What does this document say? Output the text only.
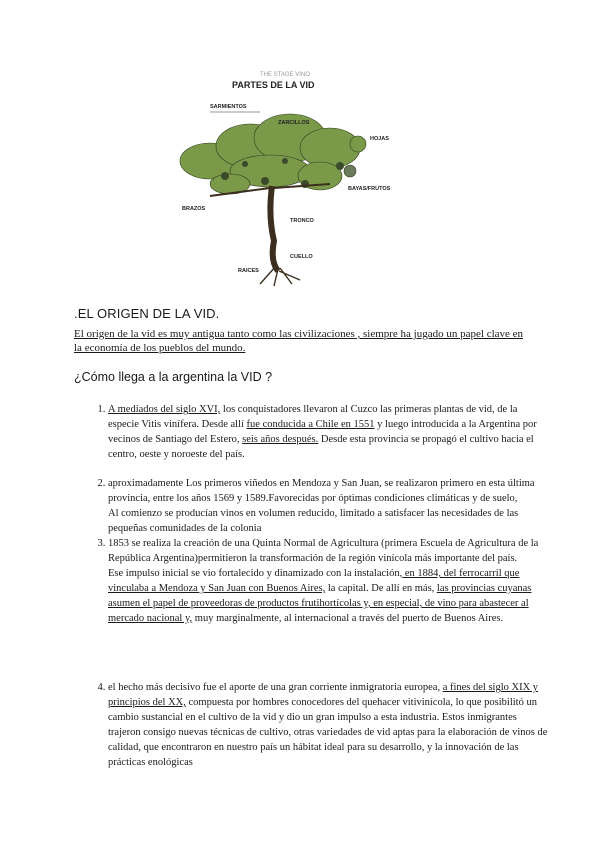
THE STAGE VINO
PARTES DE LA VID
SARMIENTOS
ZARCILLOS
HOJAS
BAYAS/FRUTOS
BRAZOS
TRONCO
CUELLO
RAICES
.EL ORIGEN DE LA VID.
El origen de la vid es muy antigua tanto como las civilizaciones , siempre ha jugado un papel clave en la economía de los pueblos del mundo.
¿Cómo llega a la argentina la VID ?
1. A mediados del siglo XVI, los conquistadores llevaron al Cuzco las primeras plantas de vid, de la especie Vitis vinífera. Desde allí fue conducida a Chile en 1551 y luego introducida a la Argentina por vecinos de Santiago del Estero, seis años después. Desde esta provincia se propagó el cultivo hacia el centro, oeste y noroeste del país.
2. aproximadamente Los primeros viñedos en Mendoza y San Juan, se realizaron primero en esta última provincia, entre los años 1569 y 1589.Favorecidas por óptimas condiciones climáticas y de suelo,
Al comienzo se producían vinos en volumen reducido, limitado a satisfacer las necesidades de las pequeñas comunidades de la colonia
3. 1853 se realiza la creación de una Quinta Normal de Agricultura (primera Escuela de Agricultura de la República Argentina)permitieron la transformación de la región vinícola más importante del país.
Ese impulso inicial se vio fortalecido y dinamizado con la instalación, en 1884, del ferrocarril que vinculaba a Mendoza y San Juan con Buenos Aires, la capital. De allí en más, las provincias cuyanas asumen el papel de proveedoras de productos frutihortícolas y, en especial, de vino para abastecer al mercado nacional y, muy marginalmente, al internacional a través del puerto de Buenos Aires.
4. el hecho más decisivo fue el aporte de una gran corriente inmigratoria europea, a fines del siglo XIX y principios del XX, compuesta por hombres conocedores del quehacer vitivinícola, lo que posibilitó un cambio sustancial en el cultivo de la vid y dio un gran impulso a esta industria. Estos inmigrantes trajeron consigo nuevas técnicas de cultivo, otras variedades de vid aptas para la elaboración de vinos de calidad, que encontraron en nuestro país un hábitat ideal para su desarrollo, y la innovación de las prácticas enológicas
